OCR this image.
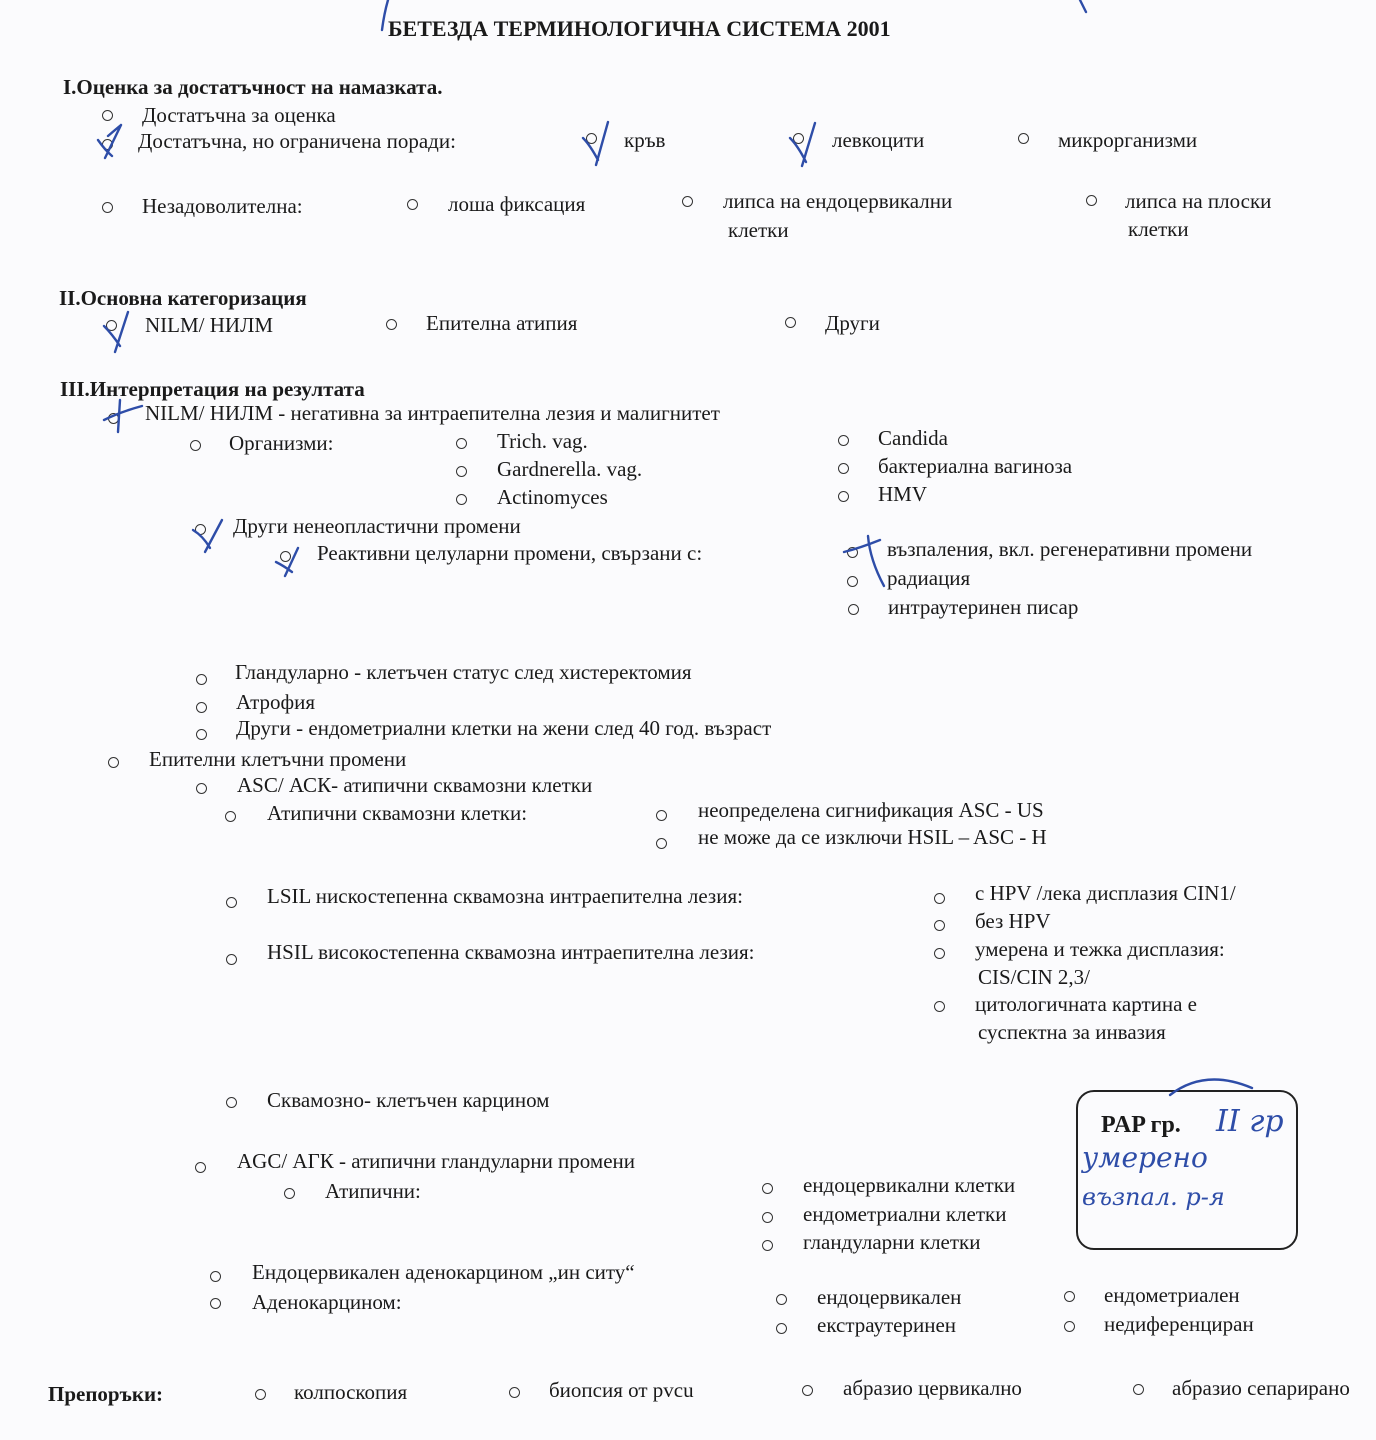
БЕТЕЗДА ТЕРМИНОЛОГИЧНА СИСТЕМА 2001
I.Оценка за достатъчност на намазката.
Достатъчна за оценка
Достатъчна, но ограничена поради:	кръв	левкоцити	микрорганизми
Незадоволителна:	лоша фиксация	липса на ендоцервикални
клетки
липса на плоски
клетки
II.Основна категоризация
NILM/ НИЛМ	Епителна атипия	Други
III.Интерпретация на резултата
NILM/ НИЛМ - негативна за интраепителна лезия и малигнитет
Организми:	Trich. vag.
Gardnerella. vag.
Actinomyces
Candida
бактериална вагиноза
HMV
Други ненеопластични промени
Реактивни целуларни промени, свързани с:	възпаления, вкл. регенеративни промени
радиация
интраутеринен писар
Гландуларно - клетъчен статус след хистеректомия
Атрофия
Други - ендометриални клетки на жени след 40 год. възраст
Епителни клетъчни промени
ASC/ АСК- атипични сквамозни клетки
Атипични сквамозни клетки:	неопределена сигнификация ASC - US
не може да се изключи HSIL – ASC - H
LSIL нискостепенна сквамозна интраепителна лезия:	с HPV /лека дисплазия CIN1/
без HPV
HSIL високостепенна сквамозна интраепителна лезия:	умерена и тежка дисплазия:
CIS/CIN 2,3/
цитологичната картина е
суспектна за инвазия
Сквамозно- клетъчен карцином
AGC/ АГК - атипични гландуларни промени
Атипични:	ендоцервикални клетки
ендометриални клетки
гландуларни клетки
Ендоцервикален аденокарцином „ин ситу“
Аденокарцином:	ендоцервикален	ендометриален
екстраутеринен	недиференциран
PAP гр. II гр
умерено
възпал. р-я
Препоръки:	колпоскопия	биопсия от pvcu	абразио цервикално	абразио сепариранo
